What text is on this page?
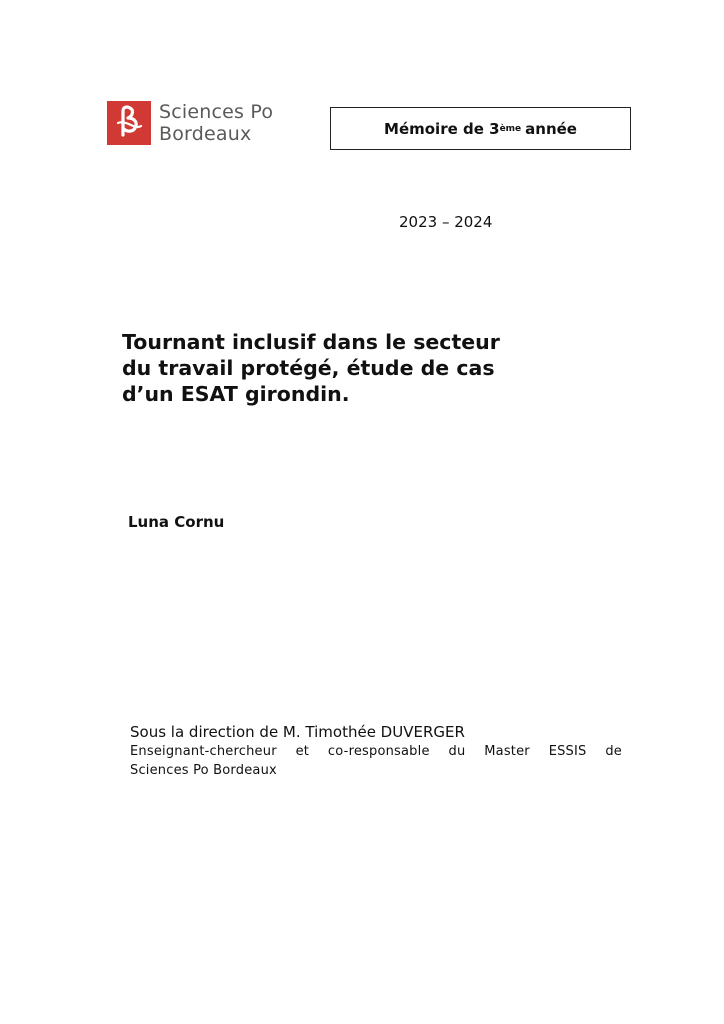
Sciences Po
Bordeaux	Mémoire de 3 ème année
2023 – 2024
Tournant inclusif dans le secteur
du travail protégé, étude de cas
d’un ESAT girondin.
Luna Cornu
Sous la direction de M. Timothée DUVERGER
Enseignant-chercheur et co-responsable du Master ESSIS de
Sciences Po Bordeaux
